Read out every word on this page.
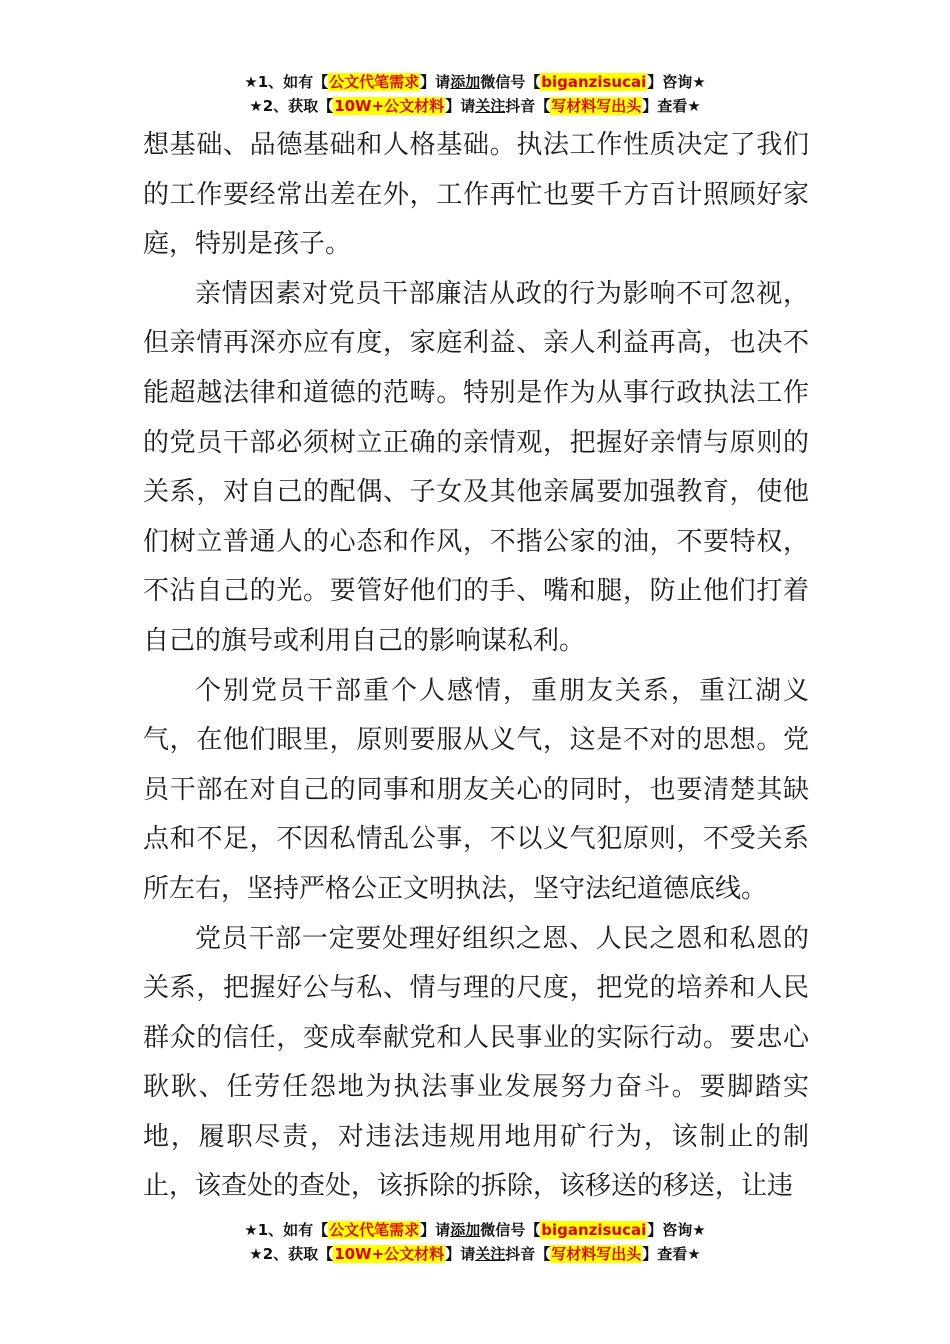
★1、如有【公文代笔需求】请添加微信号【biganzisucai】咨询★
★2、获取【10W+公文材料】请关注抖音【写材料写出头】查看★

想基础、品德基础和人格基础。执法工作性质决定了我们的工作要经常出差在外，工作再忙也要千方百计照顾好家庭，特别是孩子。

亲情因素对党员干部廉洁从政的行为影响不可忽视，但亲情再深亦应有度，家庭利益、亲人利益再高，也决不能超越法律和道德的范畴。特别是作为从事行政执法工作的党员干部必须树立正确的亲情观，把握好亲情与原则的关系，对自己的配偶、子女及其他亲属要加强教育，使他们树立普通人的心态和作风，不揩公家的油，不要特权，不沾自己的光。要管好他们的手、嘴和腿，防止他们打着自己的旗号或利用自己的影响谋私利。

个别党员干部重个人感情，重朋友关系，重江湖义气，在他们眼里，原则要服从义气，这是不对的思想。党员干部在对自己的同事和朋友关心的同时，也要清楚其缺点和不足，不因私情乱公事，不以义气犯原则，不受关系所左右，坚持严格公正文明执法，坚守法纪道德底线。

党员干部一定要处理好组织之恩、人民之恩和私恩的关系，把握好公与私、情与理的尺度，把党的培养和人民群众的信任，变成奉献党和人民事业的实际行动。要忠心耿耿、任劳任怨地为执法事业发展努力奋斗。要脚踏实地，履职尽责，对违法违规用地用矿行为，该制止的制止，该查处的查处，该拆除的拆除，该移送的移送，让违

★1、如有【公文代笔需求】请添加微信号【biganzisucai】咨询★
★2、获取【10W+公文材料】请关注抖音【写材料写出头】查看★
